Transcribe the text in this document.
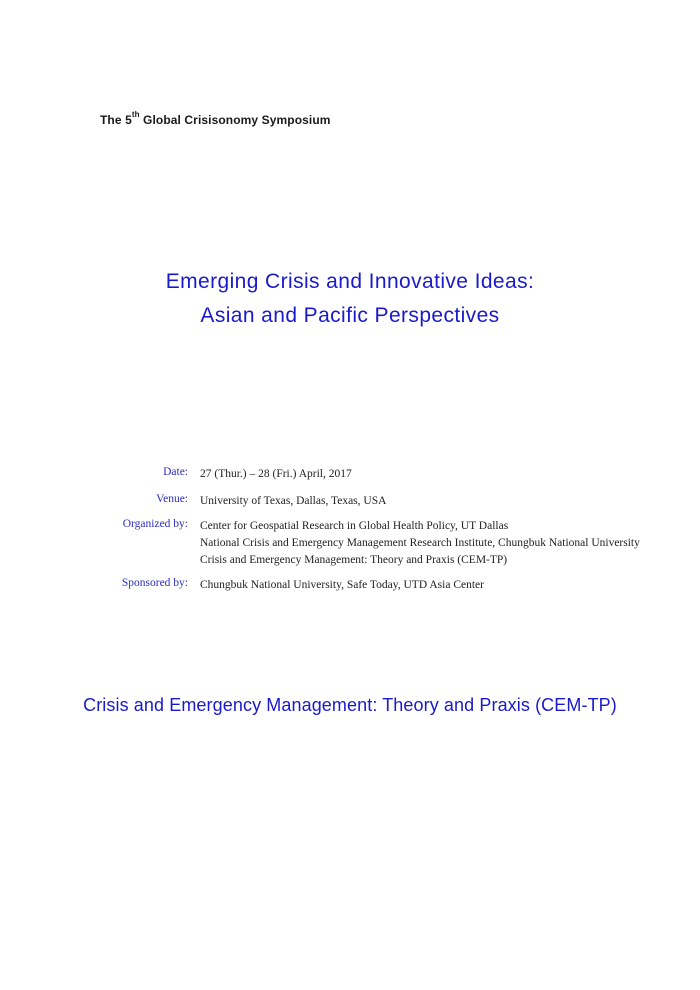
The 5th Global Crisisonomy Symposium
Emerging Crisis and Innovative Ideas:
Asian and Pacific Perspectives
Date: 27 (Thur.) – 28 (Fri.) April, 2017
Venue: University of Texas, Dallas, Texas, USA
Organized by: Center for Geospatial Research in Global Health Policy, UT Dallas
National Crisis and Emergency Management Research Institute, Chungbuk National University
Crisis and Emergency Management: Theory and Praxis (CEM-TP)
Sponsored by: Chungbuk National University, Safe Today, UTD Asia Center
Crisis and Emergency Management: Theory and Praxis (CEM-TP)
